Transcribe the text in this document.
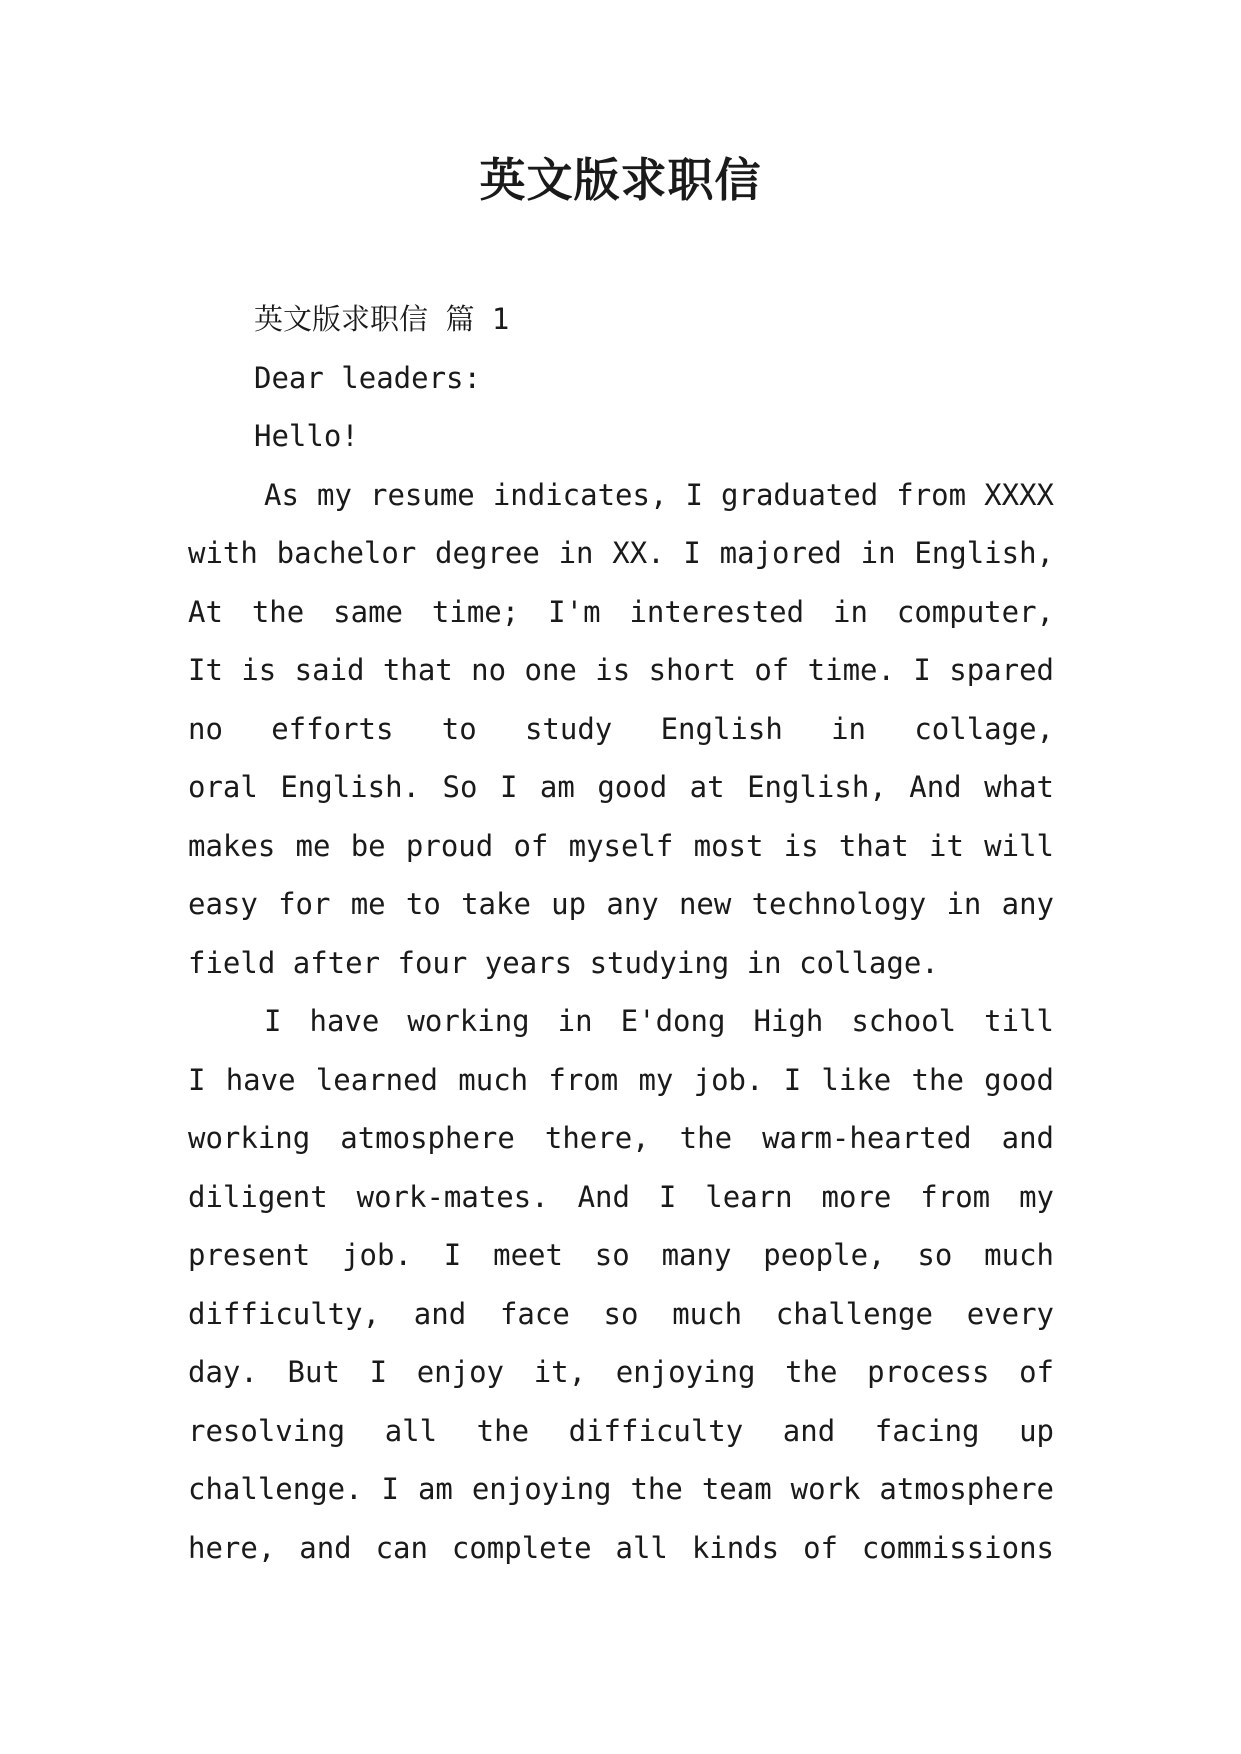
英文版求职信

英文版求职信 篇 1

Dear leaders:

Hello!

As my resume indicates, I graduated from XXXX

with bachelor degree in XX. I majored in English,

At the same time; I'm interested in computer,

It is said that no one is short of time. I spared

no efforts to study English in collage,

oral English. So I am good at English, And what

makes me be proud of myself most is that it will

easy for me to take up any new technology in any

field after four years studying in collage.

I have working in E'dong High school till

I have learned much from my job. I like the good

working atmosphere there, the warm-hearted and

diligent work-mates. And I learn more from my

present job. I meet so many people, so much

difficulty, and face so much challenge every

day. But I enjoy it, enjoying the process of

resolving all the difficulty and facing up

challenge. I am enjoying the team work atmosphere

here, and can complete all kinds of commissions
